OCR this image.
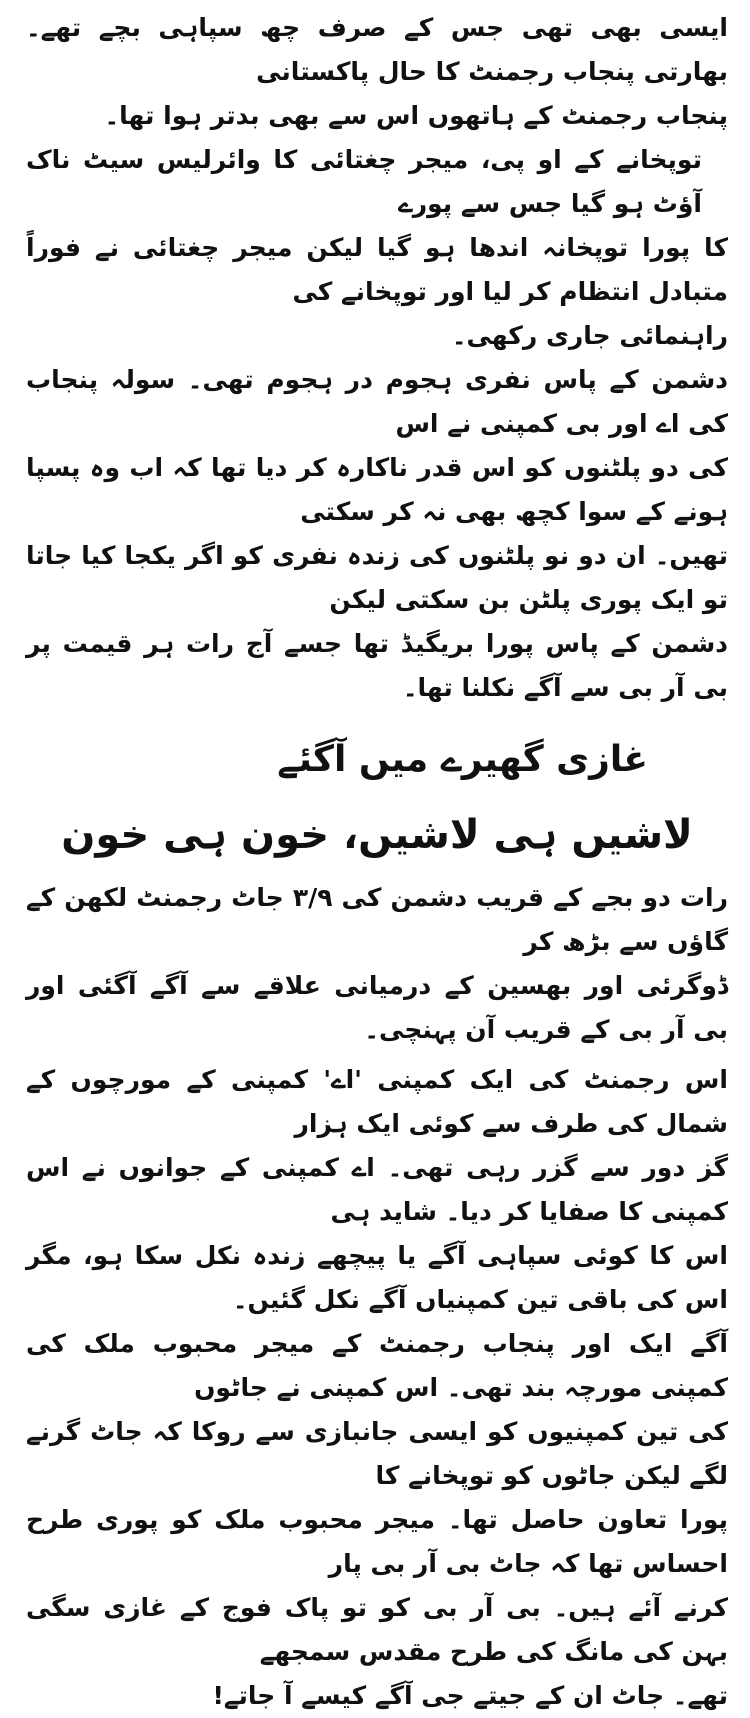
ایسی بھی تھی جس کے صرف چھ سپاہی بچے تھے۔ بھارتی پنجاب رجمنٹ کا حال پاکستانی

پنجاب رجمنٹ کے ہاتھوں اس سے بھی بدتر ہوا تھا۔

توپخانے کے او پی، میجر چغتائی کا وائرلیس سیٹ ناک آؤٹ ہو گیا جس سے پورے

کا پورا توپخانہ اندھا ہو گیا لیکن میجر چغتائی نے فوراً متبادل انتظام کر لیا اور توپخانے کی

راہنمائی جاری رکھی۔

دشمن کے پاس نفری ہجوم در ہجوم تھی۔ سولہ پنجاب کی اے اور بی کمپنی نے اس

کی دو پلٹنوں کو اس قدر ناکارہ کر دیا تھا کہ اب وہ پسپا ہونے کے سوا کچھ بھی نہ کر سکتی

تھیں۔ ان دو نو پلٹنوں کی زندہ نفری کو اگر یکجا کیا جاتا تو ایک پوری پلٹن بن سکتی لیکن

دشمن کے پاس پورا بریگیڈ تھا جسے آج رات ہر قیمت پر بی آر بی سے آگے نکلنا تھا۔

غازی گھیرے میں آگئے
لاشیں ہی لاشیں، خون ہی خون

رات دو بجے کے قریب دشمن کی ۳/۹ جاٹ رجمنٹ لکھن کے گاؤں سے بڑھ کر

ڈوگرئی اور بھسین کے درمیانی علاقے سے آگے آگئی اور بی آر بی کے قریب آن پہنچی۔

اس رجمنٹ کی ایک کمپنی 'اے' کمپنی کے مورچوں کے شمال کی طرف سے کوئی ایک ہزار

گز دور سے گزر رہی تھی۔ اے کمپنی کے جوانوں نے اس کمپنی کا صفایا کر دیا۔ شاید ہی

اس کا کوئی سپاہی آگے یا پیچھے زندہ نکل سکا ہو، مگر اس کی باقی تین کمپنیاں آگے نکل گئیں۔

آگے ایک اور پنجاب رجمنٹ کے میجر محبوب ملک کی کمپنی مورچہ بند تھی۔ اس کمپنی نے جاٹوں

کی تین کمپنیوں کو ایسی جانبازی سے روکا کہ جاٹ گرنے لگے لیکن جاٹوں کو توپخانے کا

پورا تعاون حاصل تھا۔ میجر محبوب ملک کو پوری طرح احساس تھا کہ جاٹ بی آر بی پار

کرنے آئے ہیں۔ بی آر بی کو تو پاک فوج کے غازی سگی بہن کی مانگ کی طرح مقدس سمجھے

تھے۔ جاٹ ان کے جیتے جی آگے کیسے آ جاتے!
